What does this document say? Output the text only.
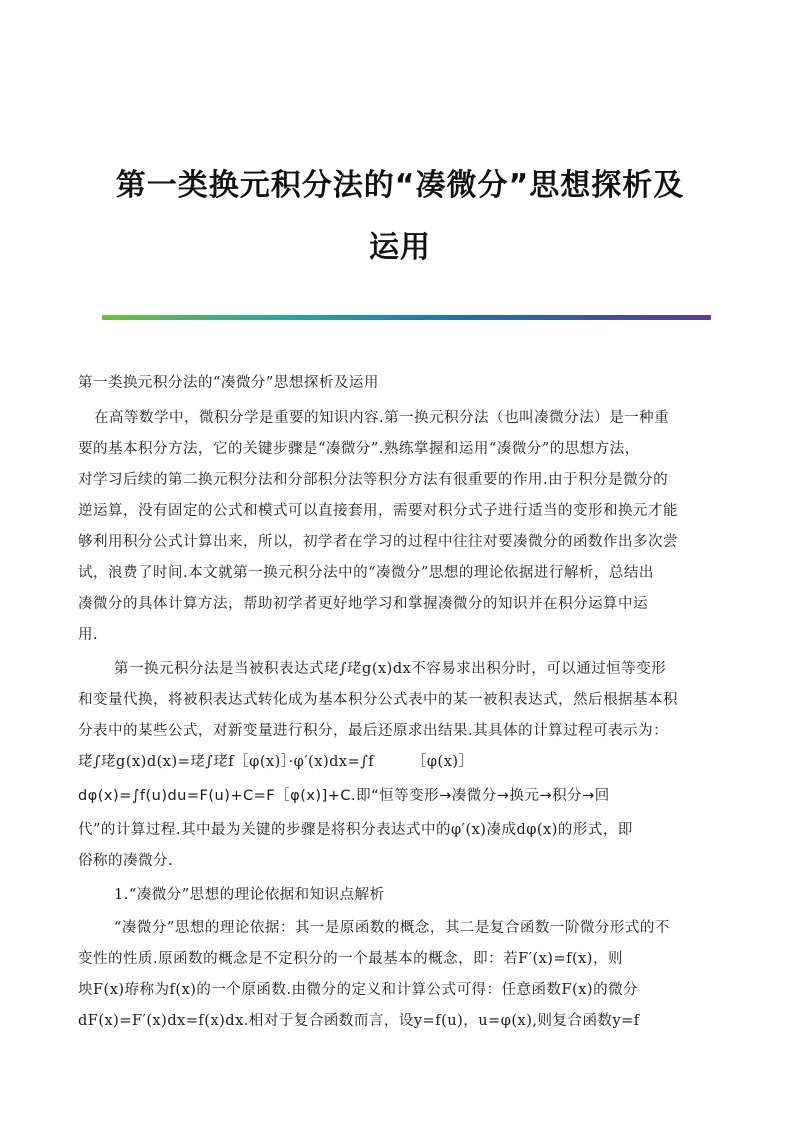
第一类换元积分法的“凑微分”思想探析及
运用
第一类换元积分法的“凑微分”思想探析及运用
在高等数学中，微积分学是重要的知识内容.第一换元积分法（也叫凑微分法）是一种重
要的基本积分方法，它的关键步骤是“凑微分”.熟练掌握和运用“凑微分”的思想方法，
对学习后续的第二换元积分法和分部积分法等积分方法有很重要的作用.由于积分是微分的
逆运算，没有固定的公式和模式可以直接套用，需要对积分式子进行适当的变形和换元才能
够利用积分公式计算出来，所以，初学者在学习的过程中往往对要凑微分的函数作出多次尝
试，浪费了时间.本文就第一换元积分法中的“凑微分”思想的理论依据进行解析，总结出
凑微分的具体计算方法，帮助初学者更好地学习和掌握凑微分的知识并在积分运算中运
用.
第一换元积分法是当被积表达式珯∫珯g(x)dx不容易求出积分时，可以通过恒等变形
和变量代换，将被积表达式转化成为基本积分公式表中的某一被积表达式，然后根据基本积
分表中的某些公式，对新变量进行积分，最后还原求出结果.其具体的计算过程可表示为：
珯∫珯g(x)d(x)=珯∫珯f［φ(x)］·φ′(x)dx=∫f　　　［φ(x)］
dφ(x)=∫f(u)du=F(u)+C=F［φ(x)]+C.即“恒等变形→凑微分→换元→积分→回
代”的计算过程.其中最为关键的步骤是将积分表达式中的φ′(x)凑成dφ(x)的形式，即
俗称的凑微分.
1.“凑微分”思想的理论依据和知识点解析
“凑微分”思想的理论依据：其一是原函数的概念，其二是复合函数一阶微分形式的不
变性的性质.原函数的概念是不定积分的一个最基本的概念，即：若F′(x)=f(x)，则
坱F(x)珔称为f(x)的一个原函数.由微分的定义和计算公式可得：任意函数F(x)的微分
dF(x)=F′(x)dx=f(x)dx.相对于复合函数而言，设y=f(u)，u=φ(x),则复合函数y=f
